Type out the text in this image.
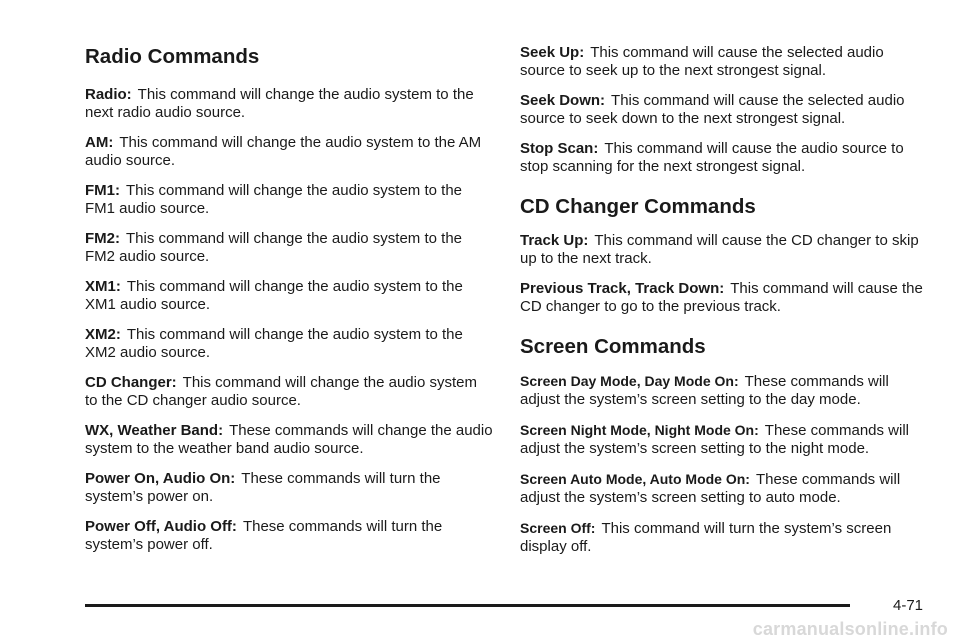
Radio Commands

Radio: This command will change the audio system to the next radio audio source.

AM: This command will change the audio system to the AM audio source.

FM1: This command will change the audio system to the FM1 audio source.

FM2: This command will change the audio system to the FM2 audio source.

XM1: This command will change the audio system to the XM1 audio source.

XM2: This command will change the audio system to the XM2 audio source.

CD Changer: This command will change the audio system to the CD changer audio source.

WX, Weather Band: These commands will change the audio system to the weather band audio source.

Power On, Audio On: These commands will turn the system’s power on.

Power Off, Audio Off: These commands will turn the system’s power off.

Seek Up: This command will cause the selected audio source to seek up to the next strongest signal.

Seek Down: This command will cause the selected audio source to seek down to the next strongest signal.

Stop Scan: This command will cause the audio source to stop scanning for the next strongest signal.

CD Changer Commands

Track Up: This command will cause the CD changer to skip up to the next track.

Previous Track, Track Down: This command will cause the CD changer to go to the previous track.

Screen Commands

Screen Day Mode, Day Mode On: These commands will adjust the system’s screen setting to the day mode.

Screen Night Mode, Night Mode On: These commands will adjust the system’s screen setting to the night mode.

Screen Auto Mode, Auto Mode On: These commands will adjust the system’s screen setting to auto mode.

Screen Off: This command will turn the system’s screen display off.

4-71
carmanualsonline.info
